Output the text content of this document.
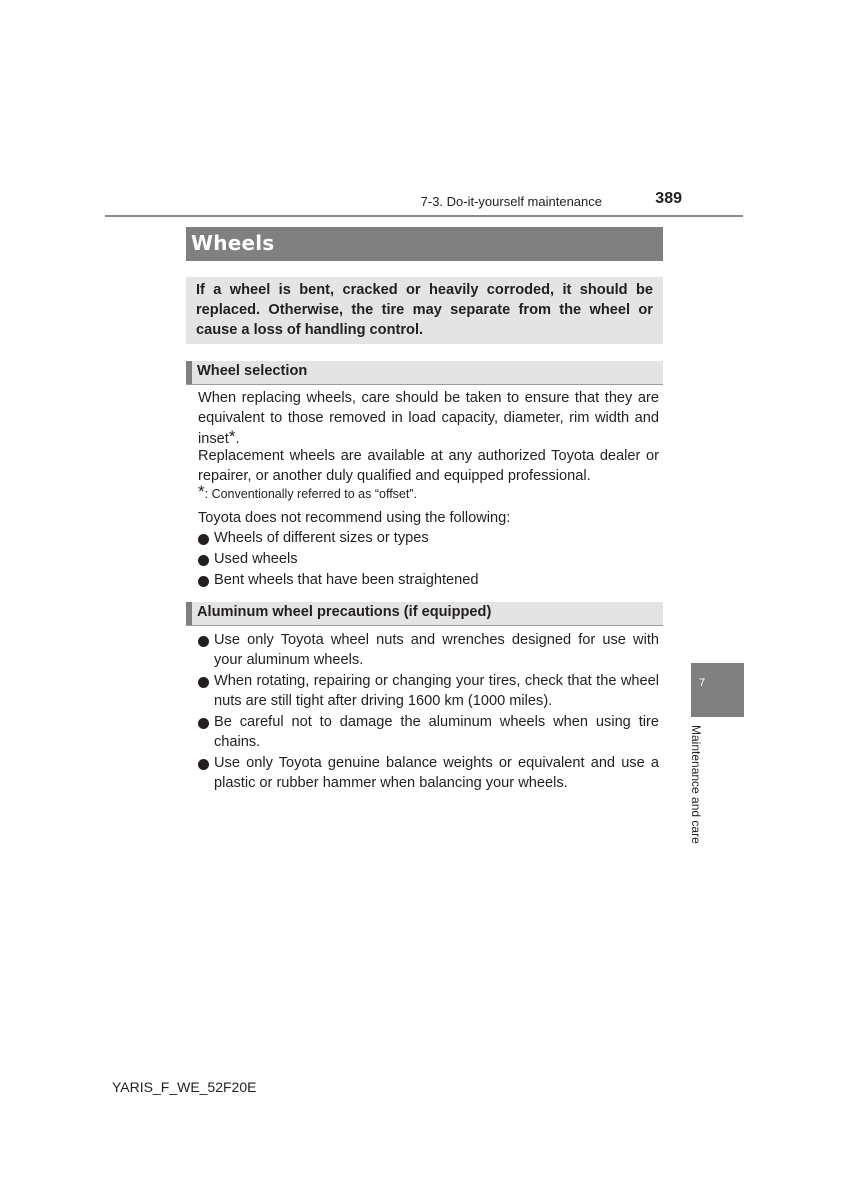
7-3. Do-it-yourself maintenance	389
Wheels
If a wheel is bent, cracked or heavily corroded, it should be replaced. Otherwise, the tire may separate from the wheel or cause a loss of handling control.
Wheel selection
When replacing wheels, care should be taken to ensure that they are equivalent to those removed in load capacity, diameter, rim width and inset*.
Replacement wheels are available at any authorized Toyota dealer or repairer, or another duly qualified and equipped professional.
*: Conventionally referred to as “offset”.
Toyota does not recommend using the following:
Wheels of different sizes or types
Used wheels
Bent wheels that have been straightened
Aluminum wheel precautions (if equipped)
Use only Toyota wheel nuts and wrenches designed for use with your aluminum wheels.
When rotating, repairing or changing your tires, check that the wheel nuts are still tight after driving 1600 km (1000 miles).
Be careful not to damage the aluminum wheels when using tire chains.
Use only Toyota genuine balance weights or equivalent and use a plastic or rubber hammer when balancing your wheels.
7
Maintenance and care
YARIS_F_WE_52F20E
